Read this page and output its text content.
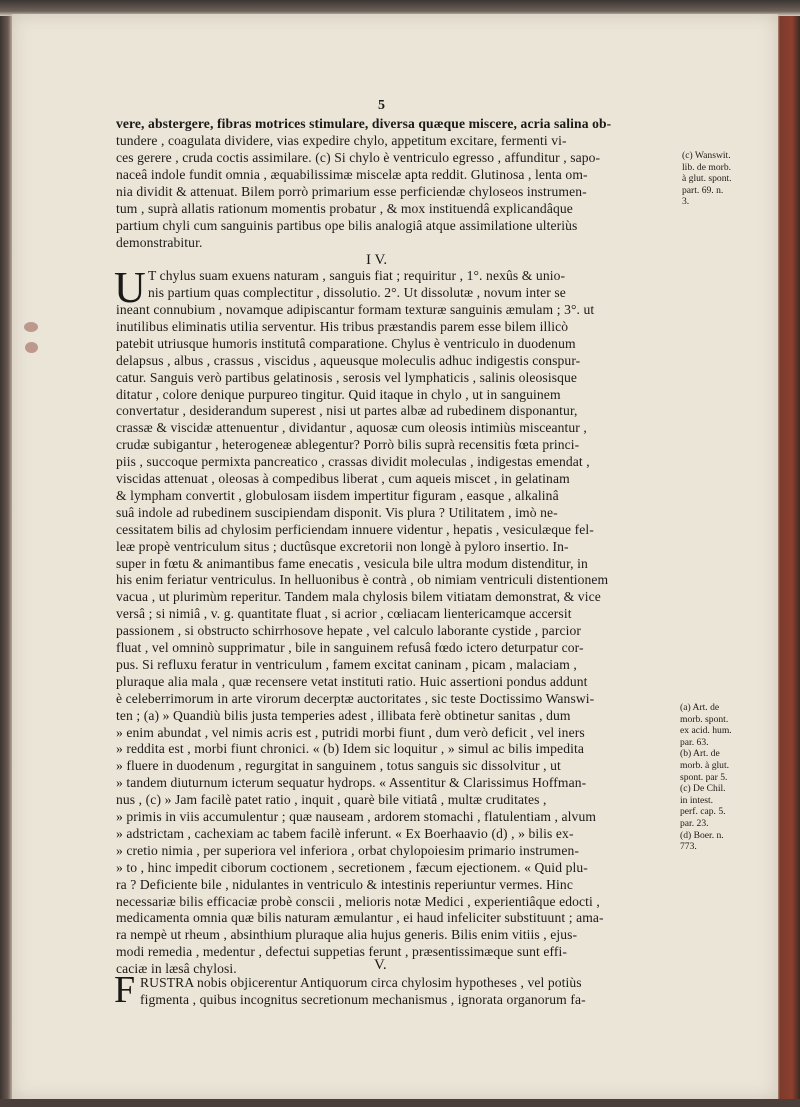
5
vere, abstergere, fibras motrices stimulare, diversa quæque miscere, acria salina ob-
tundere , coagulata dividere, vias expedire chylo, appetitum excitare, fermenti vi-
ces gerere , cruda coctis assimilare. (c) Si chylo è ventriculo egresso , affunditur , sapo-
naceâ indole fundit omnia , æquabilissimæ miscelæ apta reddit. Glutinosa , lenta om-
nia dividit & attenuat. Bilem porrò primarium esse perficiendæ chyloseos instrumen-
tum , suprà allatis rationum momentis probatur , & mox instituendâ explicandâque
partium chyli cum sanguinis partibus ope bilis analogiâ atque assimilatione ulteriùs
demonstrabitur.
I V.
U T chylus suam exuens naturam , sanguis fiat ; requiritur , 1°. nexûs & unio-
nis partium quas complectitur , dissolutio. 2°. Ut dissolutæ , novum inter se
ineant connubium , novamque adipiscantur formam texturæ sanguinis æmulam ; 3°. ut
inutilibus eliminatis utilia serventur. His tribus præstandis parem esse bilem illicò
patebit utriusque humoris institutâ comparatione. Chylus è ventriculo in duodenum
delapsus , albus , crassus , viscidus , aqueusque moleculis adhuc indigestis conspur-
catur. Sanguis verò partibus gelatinosis , serosis vel lymphaticis , salinis oleosisque
ditatur , colore denique purpureo tingitur. Quid itaque in chylo , ut in sanguinem
convertatur , desiderandum superest , nisi ut partes albæ ad rubedinem disponantur,
crassæ & viscidæ attenuentur , dividantur , aquosæ cum oleosis intimiùs misceantur ,
crudæ subigantur , heterogeneæ ablegentur? Porrò bilis suprà recensitis fœta princi-
piis , succoque permixta pancreatico , crassas dividit moleculas , indigestas emendat ,
viscidas attenuat , oleosas à compedibus liberat , cum aqueis miscet , in gelatinam
& lympham convertit , globulosam iisdem impertitur figuram , easque , alkalinâ
suâ indole ad rubedinem suscipiendam disponit. Vis plura ? Utilitatem , imò ne-
cessitatem bilis ad chylosim perficiendam innuere videntur , hepatis , vesiculæque fel-
leæ propè ventriculum situs ; ductûsque excretorii non longè à pyloro insertio. In-
super in fœtu & animantibus fame enecatis , vesicula bile ultra modum distenditur, in
his enim feriatur ventriculus. In helluonibus è contrà , ob nimiam ventriculi distentionem
vacua , ut plurimùm reperitur. Tandem mala chylosis bilem vitiatam demonstrat, & vice
versâ ; si nimiâ , v. g. quantitate fluat , si acrior , cœliacam lientericamque accersit
passionem , si obstructo schirrhosove hepate , vel calculo laborante cystide , parcior
fluat , vel omninò supprimatur , bile in sanguinem refusâ fœdo ictero deturpatur cor-
pus. Si refluxu feratur in ventriculum , famem excitat caninam , picam , malaciam ,
pluraque alia mala , quæ recensere vetat instituti ratio. Huic assertioni pondus addunt
è celeberrimorum in arte virorum decerptæ auctoritates , sic teste Doctissimo Wanswi-
ten ; (a) » Quandiù bilis justa temperies adest , illibata ferè obtinetur sanitas , dum
» enim abundat , vel nimis acris est , putridi morbi fiunt , dum verò deficit , vel iners
» reddita est , morbi fiunt chronici. « (b) Idem sic loquitur , » simul ac bilis impedita
» fluere in duodenum , regurgitat in sanguinem , totus sanguis sic dissolvitur , ut
» tandem diuturnum icterum sequatur hydrops. « Assentitur & Clarissimus Hoffman-
nus , (c) » Jam facilè patet ratio , inquit , quarè bile vitiatâ , multæ cruditates ,
» primis in viis accumulentur ; quæ nauseam , ardorem stomachi , flatulentiam , alvum
» adstrictam , cachexiam ac tabem facilè inferunt. « Ex Boerhaavio (d) , » bilis ex-
» cretio nimia , per superiora vel inferiora , orbat chylopoiesim primario instrumen-
» to , hinc impedit ciborum coctionem , secretionem , fæcum ejectionem. « Quid plu-
ra ? Deficiente bile , nidulantes in ventriculo & intestinis reperiuntur vermes. Hinc
necessariæ bilis efficaciæ probè conscii , melioris notæ Medici , experientiâque edocti ,
medicamenta omnia quæ bilis naturam æmulantur , ei haud infeliciter substituunt ; ama-
ra nempè ut rheum , absinthium pluraque alia hujus generis. Bilis enim vitiis , ejus-
modi remedia , medentur , defectui suppetias ferunt , præsentissimæque sunt effi-
caciæ in læsâ chylosi.	V.
F RUSTRA nobis objicerentur Antiquorum circa chylosim hypotheses , vel potiùs
figmenta , quibus incognitus secretionum mechanismus , ignorata organorum fa-
(c) Wanswit.
lib. de morb.
à glut. spont.
part. 69. n.
3.
(a) Art. de
morb. spont.
ex acid. hum.
par. 63.
(b) Art. de
morb. à glut.
spont. par 5.
(c) De Chil.
in intest.
perf. cap. 5.
par. 23.
(d) Boer. n.
773.
